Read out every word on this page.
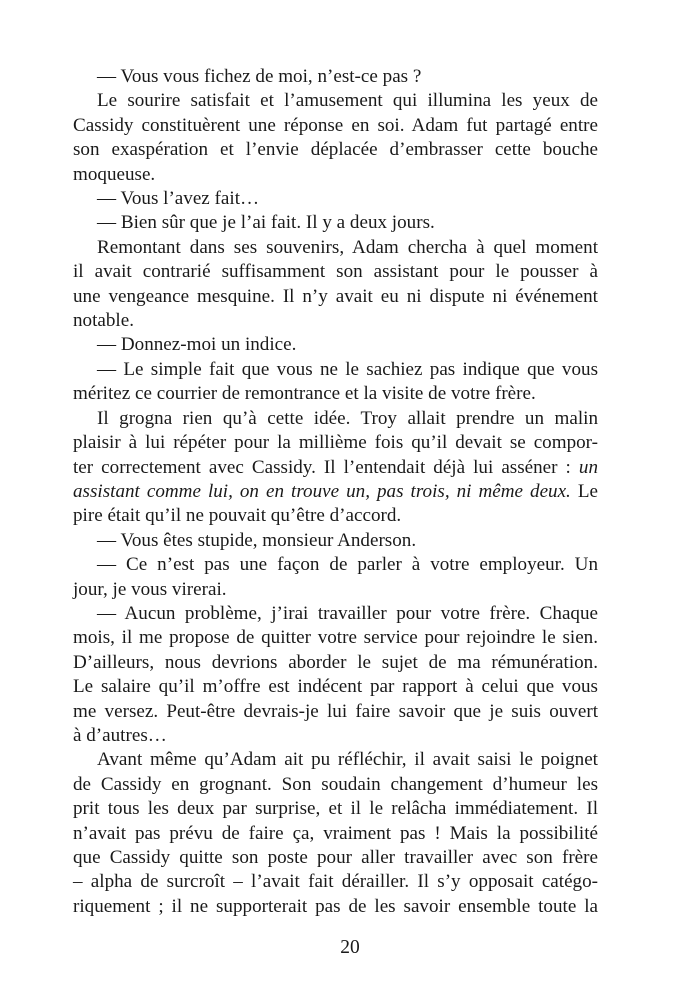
— Vous vous fichez de moi, n’est-ce pas ?
Le sourire satisfait et l’amusement qui illumina les yeux de
Cassidy constituèrent une réponse en soi. Adam fut partagé entre
son exaspération et l’envie déplacée d’embrasser cette bouche
moqueuse.
— Vous l’avez fait…
— Bien sûr que je l’ai fait. Il y a deux jours.
Remontant dans ses souvenirs, Adam chercha à quel moment
il avait contrarié suffisamment son assistant pour le pousser à
une vengeance mesquine. Il n’y avait eu ni dispute ni événement
notable.
— Donnez-moi un indice.
— Le simple fait que vous ne le sachiez pas indique que vous
méritez ce courrier de remontrance et la visite de votre frère.
Il grogna rien qu’à cette idée. Troy allait prendre un malin
plaisir à lui répéter pour la millième fois qu’il devait se compor-
ter correctement avec Cassidy. Il l’entendait déjà lui asséner : un
assistant comme lui, on en trouve un, pas trois, ni même deux. Le
pire était qu’il ne pouvait qu’être d’accord.
— Vous êtes stupide, monsieur Anderson.
— Ce n’est pas une façon de parler à votre employeur. Un
jour, je vous virerai.
— Aucun problème, j’irai travailler pour votre frère. Chaque
mois, il me propose de quitter votre service pour rejoindre le sien.
D’ailleurs, nous devrions aborder le sujet de ma rémunération.
Le salaire qu’il m’offre est indécent par rapport à celui que vous
me versez. Peut-être devrais-je lui faire savoir que je suis ouvert
à d’autres…
Avant même qu’Adam ait pu réfléchir, il avait saisi le poignet
de Cassidy en grognant. Son soudain changement d’humeur les
prit tous les deux par surprise, et il le relâcha immédiatement. Il
n’avait pas prévu de faire ça, vraiment pas ! Mais la possibilité
que Cassidy quitte son poste pour aller travailler avec son frère
– alpha de surcroît – l’avait fait dérailler. Il s’y opposait catégo-
riquement ; il ne supporterait pas de les savoir ensemble toute la
20
